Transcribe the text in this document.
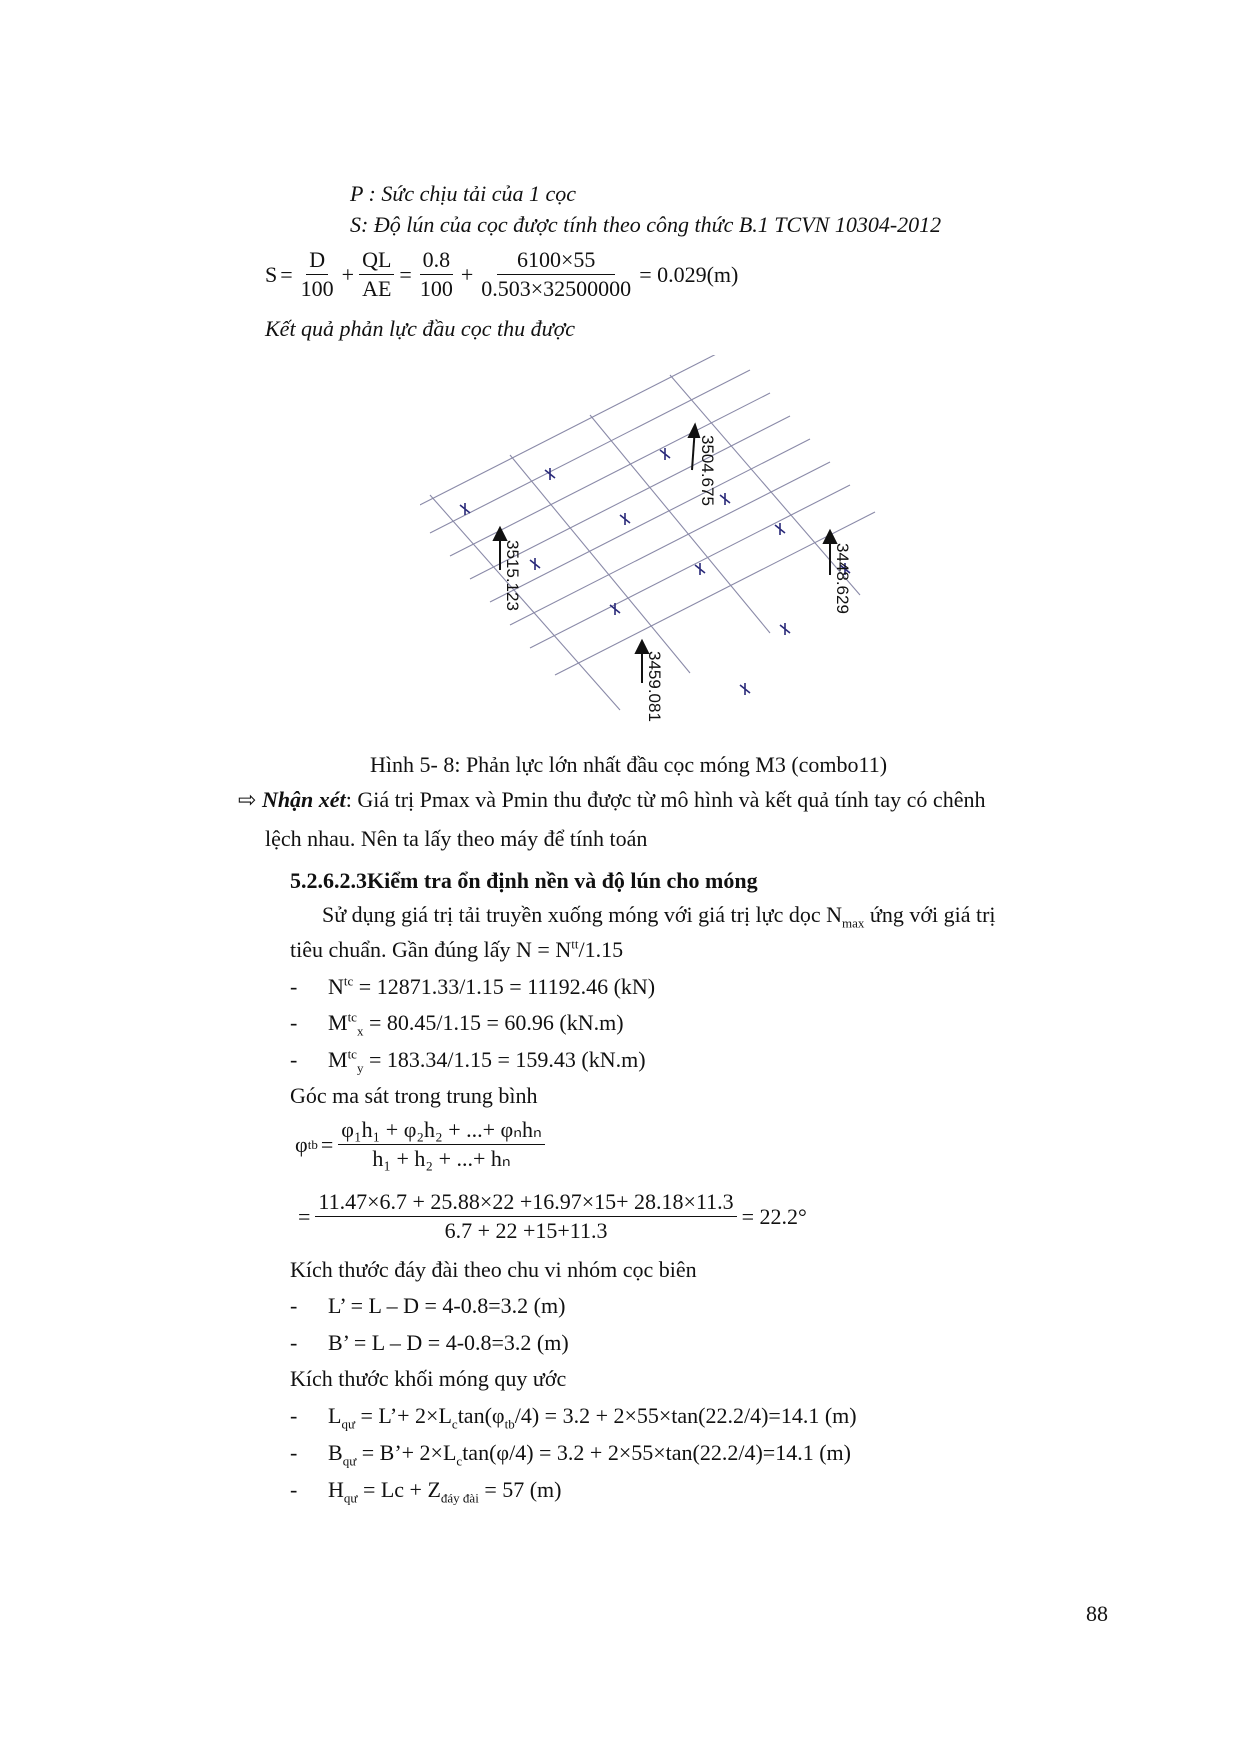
P : Sức chịu tải của 1 cọc
S: Độ lún của cọc được tính theo công thức B.1 TCVN 10304-2012
$S = \frac{D}{100} + \frac{QL}{AE} = \frac{0.8}{100} + \frac{6100\times 55}{0.503\times 32500000} = 0.029(m)$
Kết quả phản lực đầu cọc thu được
3504.675
3515.123	3448.629
3459.081
Hình 5- 8: Phản lực lớn nhất đầu cọc móng M3 (combo11)
⇨ Nhận xét: Giá trị Pmax và Pmin thu được từ mô hình và kết quả tính tay có chênh
lệch nhau. Nên ta lấy theo máy để tính toán
5.2.6.2.3Kiểm tra ổn định nền và độ lún cho móng
Sử dụng giá trị tải truyền xuống móng với giá trị lực dọc $N_{max}$ ứng với giá trị
tiêu chuẩn. Gần đúng lấy $N = N^{tt}/1.15$
- $N^{tc} = 12871.33/1.15 = 11192.46$ (kN)
- $M^{tc}_x = 80.45/1.15 = 60.96$ (kN.m)
- $M^{tc}_y = 183.34/1.15 = 159.43$ (kN.m)
Góc ma sát trong trung bình
φ tb = $\frac{\text{φ₁h₁ + φ₂h₂ + ...+ φₙhₙ}}{\text{h₁ + h₂ + ...+ hₙ}}$
= $\frac{11.47\times 6.7 + 25.88\times 22 +16.97\times 15+ 28.18\times 11.3}{6.7 + 22 +15+11.3} = 22.2^\circ$
Kích thước đáy đài theo chu vi nhóm cọc biên
- L’ = L – D = 4-0.8=3.2 (m)
- B’ = L – D = 4-0.8=3.2 (m)
Kích thước khối móng quy ước
- $L_{qư}$ = L’+ $2\times L_c\tan(\varphi_{tb}/4) = 3.2 + 2\times 55\times\tan(22.2/4)=14.1$ (m)
- $B_{qư}$ = B’+ $2\times L_c\tan(\varphi/4) = 3.2 + 2\times 55\times\tan(22.2/4)=14.1$ (m)
- $H_{qư} = Lc + Z_{đáy đài} = 57$ (m)
88
